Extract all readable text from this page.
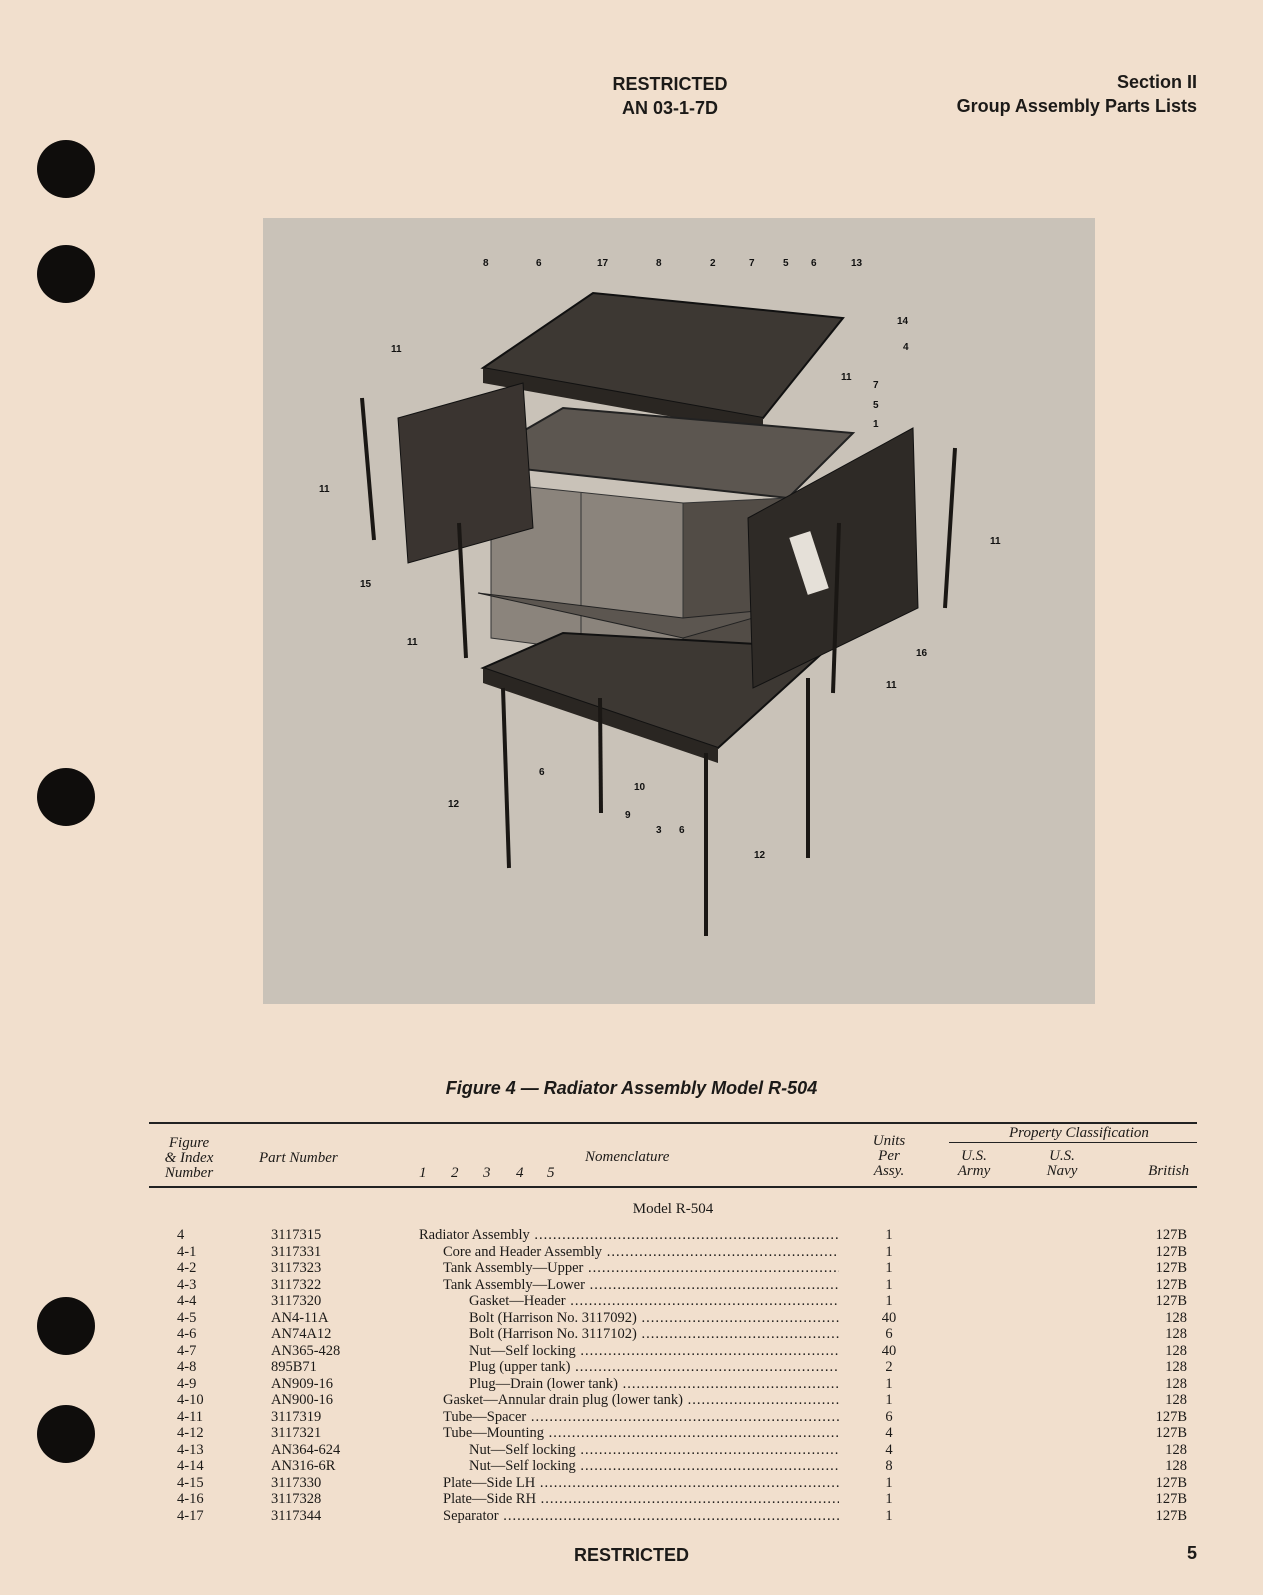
RESTRICTED
AN 03-1-7D
Section II
Group Assembly Parts Lists
8	6	17	8	2	7	5 6	13
14
4
11
11
7
5
1
11
15
11
11
16
11
6
10
9
3 6
12
12
Figure 4 — Radiator Assembly Model R-504
Figure
& Index
Number
Part Number
1 2 3 4 5
Nomenclature
Units
Per
Assy.
Property Classification
U.S.
Army
U.S.
Navy	British
Model R-504
4	3117315	Radiator Assembly .....	1	127B
4-1	3117331	Core and Header Assembly .....	1	127B
4-2	3117323	Tank Assembly—Upper .....	1	127B
4-3	3117322	Tank Assembly—Lower .....	1	127B
4-4	3117320	Gasket—Header .....	1	127B
4-5	AN4-11A	Bolt (Harrison No. 3117092) .....	40	128
4-6	AN74A12	Bolt (Harrison No. 3117102) .....	6	128
4-7	AN365-428	Nut—Self locking .....	40	128
4-8	895B71	Plug (upper tank) .....	2	128
4-9	AN909-16	Plug—Drain (lower tank) .....	1	128
4-10	AN900-16	Gasket—Annular drain plug (lower tank) .....	1	128
4-11	3117319	Tube—Spacer .....	6	127B
4-12	3117321	Tube—Mounting .....	4	127B
4-13	AN364-624	Nut—Self locking .....	4	128
4-14	AN316-6R	Nut—Self locking .....	8	128
4-15	3117330	Plate—Side LH .....	1	127B
4-16	3117328	Plate—Side RH .....	1	127B
4-17	3117344	Separator .....	1	127B
RESTRICTED	5
